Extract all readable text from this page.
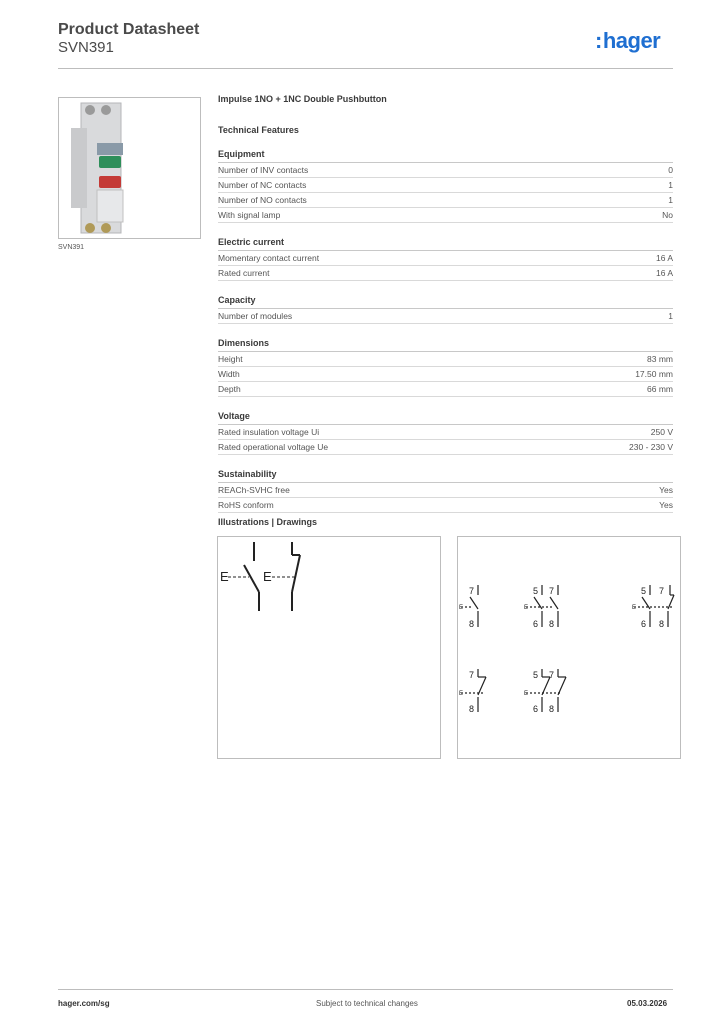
Product Datasheet
SVN391	:hager
SVN391
Impulse 1NO + 1NC Double Pushbutton
Technical Features
Equipment
Number of INV contacts	0
Number of NC contacts	1
Number of NO contacts	1
With signal lamp	No
Electric current
Momentary contact current	16 A
Rated current	16 A
Capacity
Number of modules	1
Dimensions
Height	83 mm
Width	17.50 mm
Depth	66 mm
Voltage
Rated insulation voltage Ui	250 V
Rated operational voltage Ue	230 - 230 V
Sustainability
REACh-SVHC free	Yes
RoHS conform	Yes
Illustrations | Drawings
E	E
7
8
5
6
7
8
5
6
7
8
7
8
5
6
7
8
E	E	E
E	E
hager.com/sg	Subject to technical changes	05.03.2026
